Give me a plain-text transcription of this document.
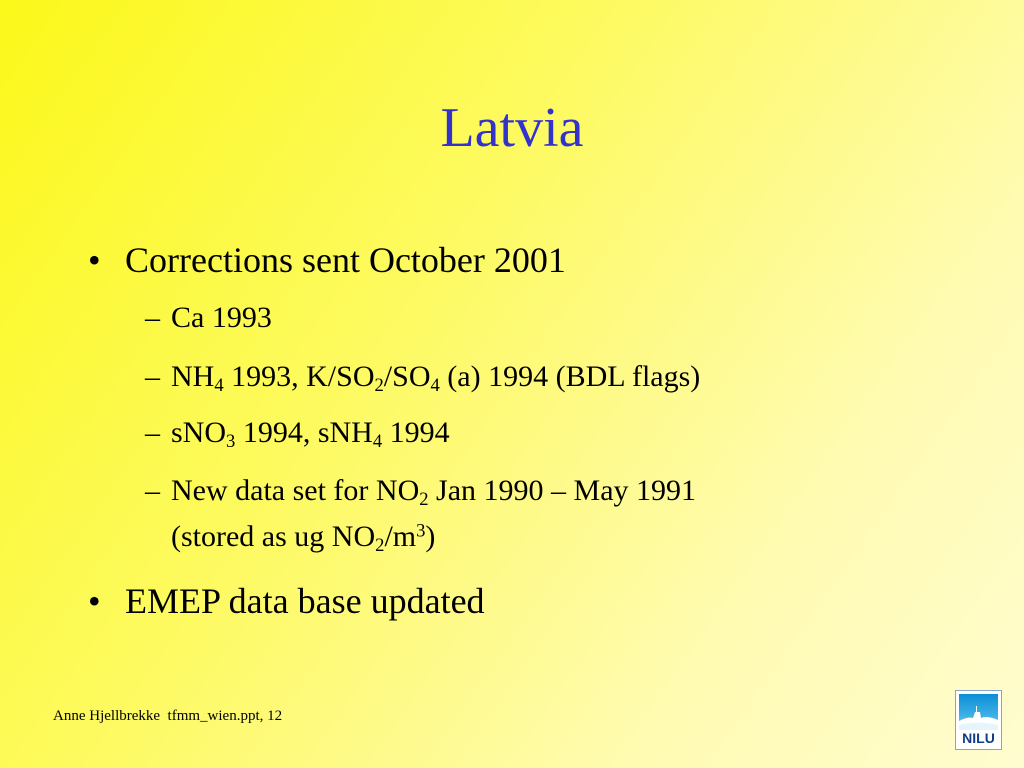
Latvia
• Corrections sent October 2001
– Ca 1993
– $NH_4$ 1993, $K/SO_2/SO_4$ (a) 1994 (BDL flags)
– sNO$_3$ 1994, sNH$_4$ 1994
– New data set for $NO_2$ Jan 1990 – May 1991
(stored as ug $NO_2/m^3$)
• EMEP data base updated
Anne Hjellbrekke  tfmm_wien.ppt, 12
NILU
